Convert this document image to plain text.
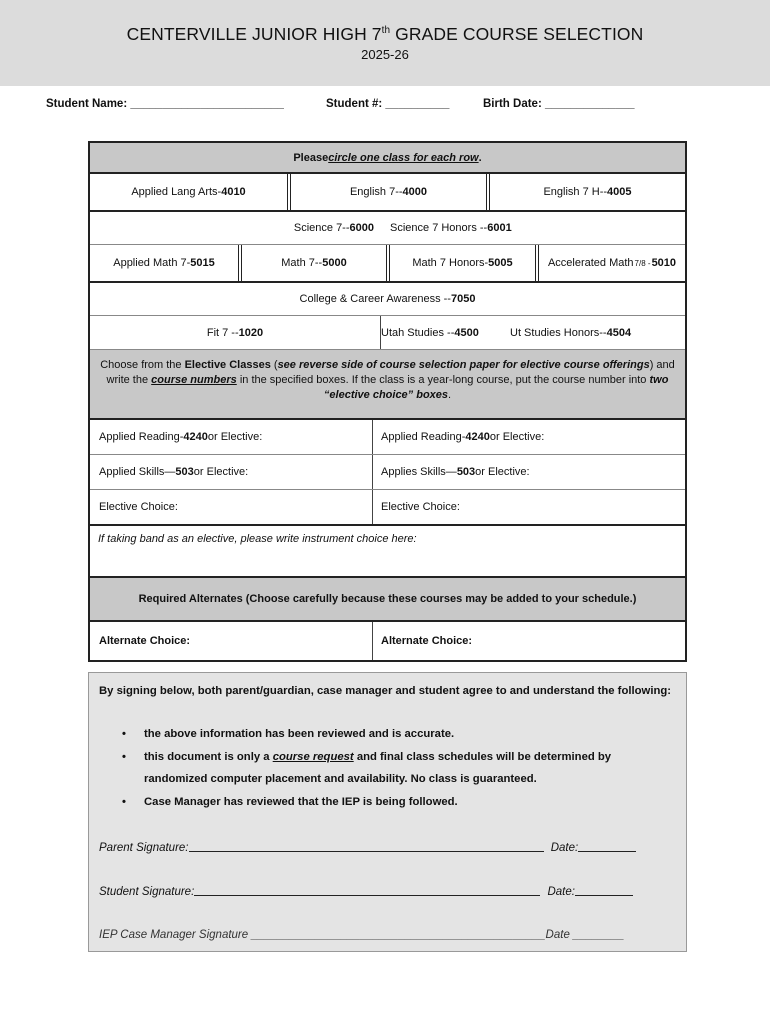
CENTERVILLE JUNIOR HIGH 7th GRADE COURSE SELECTION
2025-26
Student Name: ________________________	Student #: __________	Birth Date: ______________
Please circle one class for each row .
Applied Lang Arts- 4010	English 7-- 4000	English 7 H-- 4005
Science 7-- 6000 Science 7 Honors -- 6001
Applied Math 7- 5015	Math 7-- 5000	Math 7 Honors- 5005	Accelerated Math 7/8 - 5010
College & Career Awareness -- 7050
Fit 7 -- 1020	Utah Studies -- 4500	Ut Studies Honors-- 4504
Choose from the Elective Classes (see reverse side of course selection paper for elective course offerings) and write the course numbers in the specified boxes. If the class is a year-long course, put the course number into two “elective choice” boxes.
Applied Reading- 4240 or Elective:	Applied Reading- 4240 or Elective:
Applied Skills— 503 or Elective:	Applies Skills— 503 or Elective:
Elective Choice:	Elective Choice:
If taking band as an elective, please write instrument choice here:
Required Alternates (Choose carefully because these courses may be added to your schedule.)
Alternate Choice:	Alternate Choice:
By signing below, both parent/guardian, case manager and student agree to and understand the following:
• the above information has been reviewed and is accurate.
• this document is only a course request and final class schedules will be determined by randomized computer placement and availability. No class is guaranteed.
• Case Manager has reviewed that the IEP is being followed.
Parent Signature:	Date:
Student Signature:	Date:
IEP Case Manager Signature ______________________________________________Date ________
